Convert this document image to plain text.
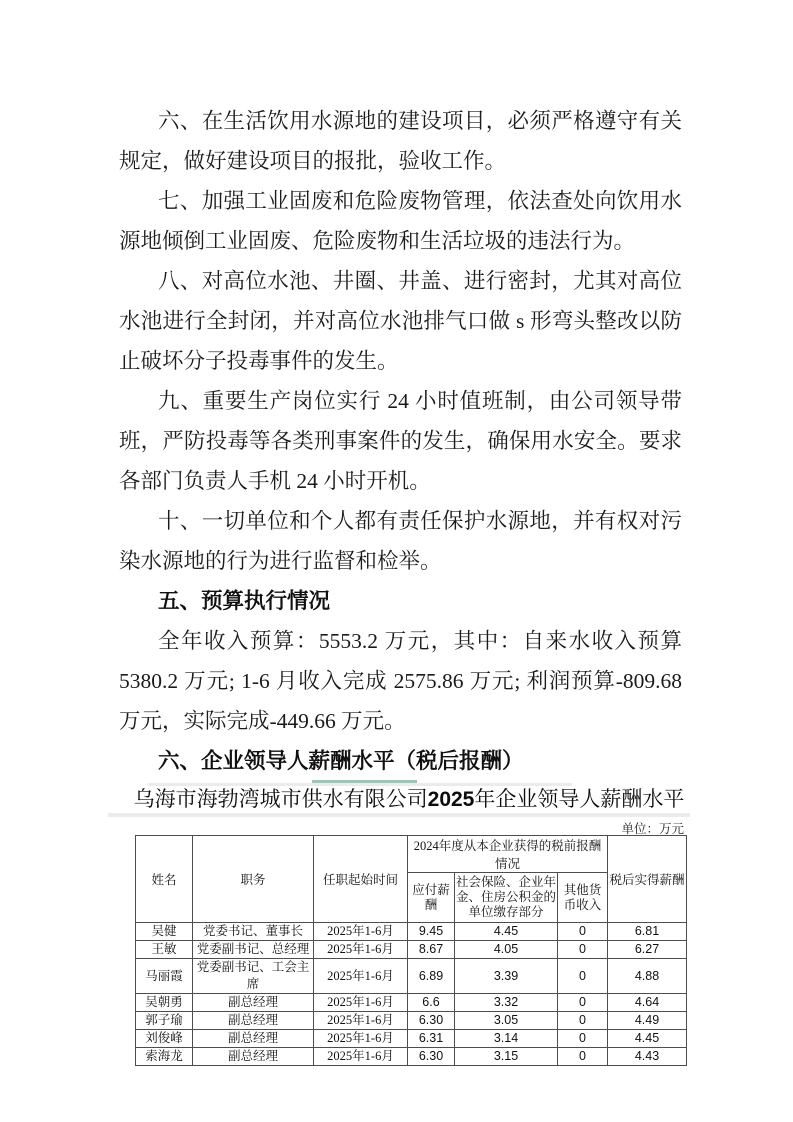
六、在生活饮用水源地的建设项目，必须严格遵守有关
规定，做好建设项目的报批，验收工作。
七、加强工业固废和危险废物管理，依法查处向饮用水
源地倾倒工业固废、危险废物和生活垃圾的违法行为。
八、对高位水池、井圈、井盖、进行密封，尤其对高位
水池进行全封闭，并对高位水池排气口做 s 形弯头整改以防
止破坏分子投毒事件的发生。
九、重要生产岗位实行 24 小时值班制，由公司领导带
班，严防投毒等各类刑事案件的发生，确保用水安全。要求
各部门负责人手机 24 小时开机。
十、一切单位和个人都有责任保护水源地，并有权对污
染水源地的行为进行监督和检举。
五、预算执行情况
全年收入预算：5553.2 万元，其中：自来水收入预算
5380.2 万元; 1-6 月收入完成 2575.86 万元; 利润预算-809.68
万元，实际完成-449.66 万元。
六、企业领导人薪酬水平（税后报酬）
乌海市海勃湾城市供水有限公司2025年企业领导人薪酬水平
单位：万元
姓名	职务	任职起始时间	2024年度从本企业获得的税前报酬情况			税后实得薪酬
			应付薪酬	社会保险、企业年金、住房公积金的单位缴存部分	其他货币收入	
吴健	党委书记、董事长	2025年1-6月	9.45	4.45	0	6.81
王敏	党委副书记、总经理	2025年1-6月	8.67	4.05	0	6.27
马丽霞	党委副书记、工会主席	2025年1-6月	6.89	3.39	0	4.88
吴朝勇	副总经理	2025年1-6月	6.6	3.32	0	4.64
郭子瑜	副总经理	2025年1-6月	6.30	3.05	0	4.49
刘俊峰	副总经理	2025年1-6月	6.31	3.14	0	4.45
索海龙	副总经理	2025年1-6月	6.30	3.15	0	4.43
